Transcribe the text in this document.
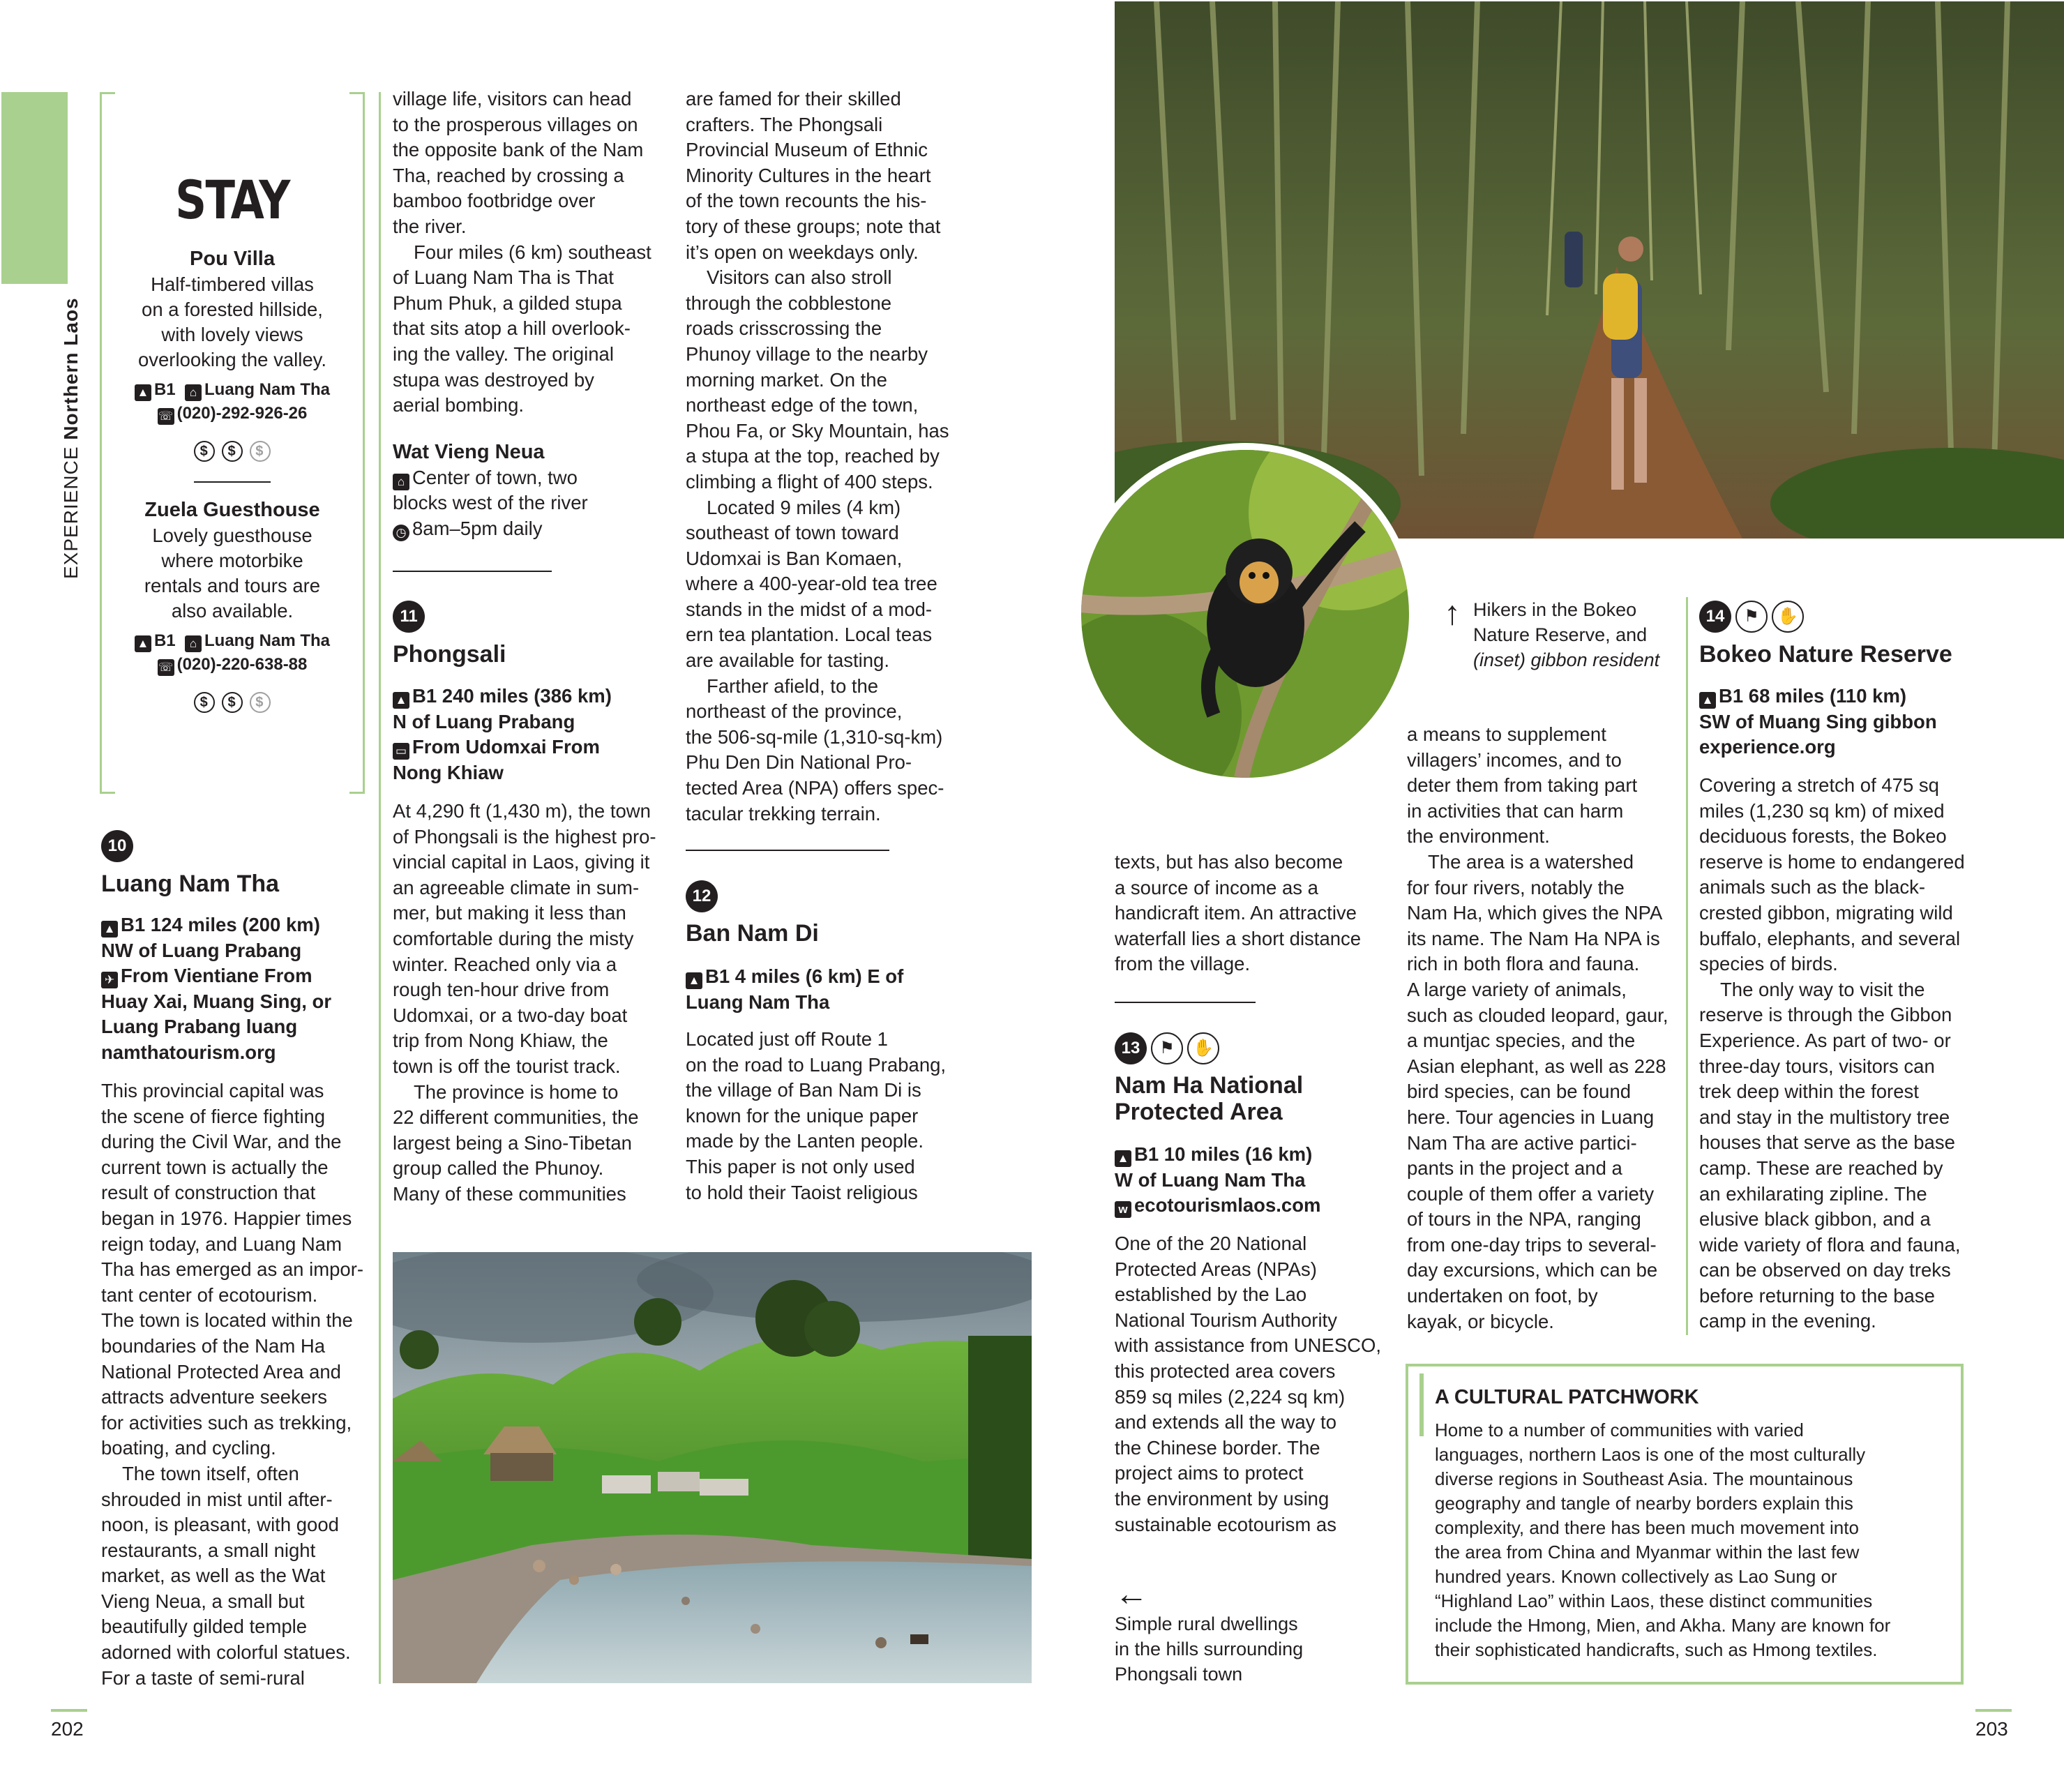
EXPERIENCE Northern Laos
STAY
Pou Villa
Half-timbered villas
on a forested hillside,
with lovely views
overlooking the valley.
▲ B1 ⌂ Luang Nam Tha
☏ (020)-292-926-26
$ $ $
Zuela Guesthouse
Lovely guesthouse
where motorbike
rentals and tours are
also available.
▲ B1 ⌂ Luang Nam Tha
☏ (020)-220-638-88
$ $ $
10
Luang Nam Tha
▲ B1 124 miles (200 km)
NW of Luang Prabang
✈ From Vientiane From
Huay Xai, Muang Sing, or
Luang Prabang luang
namthatourism.org
This provincial capital was
the scene of fierce fighting
during the Civil War, and the
current town is actually the
result of construction that
began in 1976. Happier times
reign today, and Luang Nam
Tha has emerged as an impor-
tant center of ecotourism.
The town is located within the
boundaries of the Nam Ha
National Protected Area and
attracts adventure seekers
for activities such as trekking,
boating, and cycling.
The town itself, often
shrouded in mist until after-
noon, is pleasant, with good
restaurants, a small night
market, as well as the Wat
Vieng Neua, a small but
beautifully gilded temple
adorned with colorful statues.
For a taste of semi-rural
village life, visitors can head
to the prosperous villages on
the opposite bank of the Nam
Tha, reached by crossing a
bamboo footbridge over
the river.
Four miles (6 km) southeast
of Luang Nam Tha is That
Phum Phuk, a gilded stupa
that sits atop a hill overlook-
ing the valley. The original
stupa was destroyed by
aerial bombing.
Wat Vieng Neua
⌂ Center of town, two
blocks west of the river
◷ 8am–5pm daily
11
Phongsali
▲ B1 240 miles (386 km)
N of Luang Prabang
▭ From Udomxai From
Nong Khiaw
At 4,290 ft (1,430 m), the town
of Phongsali is the highest pro-
vincial capital in Laos, giving it
an agreeable climate in sum-
mer, but making it less than
comfortable during the misty
winter. Reached only via a
rough ten-hour drive from
Udomxai, or a two-day boat
trip from Nong Khiaw, the
town is off the tourist track.
The province is home to
22 different communities, the
largest being a Sino-Tibetan
group called the Phunoy.
Many of these communities
are famed for their skilled
crafters. The Phongsali
Provincial Museum of Ethnic
Minority Cultures in the heart
of the town recounts the his-
tory of these groups; note that
it’s open on weekdays only.
Visitors can also stroll
through the cobblestone
roads crisscrossing the
Phunoy village to the nearby
morning market. On the
northeast edge of the town,
Phou Fa, or Sky Mountain, has
a stupa at the top, reached by
climbing a flight of 400 steps.
Located 9 miles (4 km)
southeast of town toward
Udomxai is Ban Komaen,
where a 400-year-old tea tree
stands in the midst of a mod-
ern tea plantation. Local teas
are available for tasting.
Farther afield, to the
northeast of the province,
the 506-sq-mile (1,310-sq-km)
Phu Den Din National Pro-
tected Area (NPA) offers spec-
tacular trekking terrain.
12
Ban Nam Di
▲ B1 4 miles (6 km) E of
Luang Nam Tha
Located just off Route 1
on the road to Luang Prabang,
the village of Ban Nam Di is
known for the unique paper
made by the Lanten people.
This paper is not only used
to hold their Taoist religious
202
↑ Hikers in the Bokeo
Nature Reserve, and
(inset) gibbon resident
texts, but has also become
a source of income as a
handicraft item. An attractive
waterfall lies a short distance
from the village.
13	⚑	✋
Nam Ha National
Protected Area
▲ B1 10 miles (16 km)
W of Luang Nam Tha
w ecotourismlaos.com
One of the 20 National
Protected Areas (NPAs)
established by the Lao
National Tourism Authority
with assistance from UNESCO,
this protected area covers
859 sq miles (2,224 sq km)
and extends all the way to
the Chinese border. The
project aims to protect
the environment by using
sustainable ecotourism as
←
Simple rural dwellings
in the hills surrounding
Phongsali town
a means to supplement
villagers’ incomes, and to
deter them from taking part
in activities that can harm
the environment.
The area is a watershed
for four rivers, notably the
Nam Ha, which gives the NPA
its name. The Nam Ha NPA is
rich in both flora and fauna.
A large variety of animals,
such as clouded leopard, gaur,
a muntjac species, and the
Asian elephant, as well as 228
bird species, can be found
here. Tour agencies in Luang
Nam Tha are active partici-
pants in the project and a
couple of them offer a variety
of tours in the NPA, ranging
from one-day trips to several-
day excursions, which can be
undertaken on foot, by
kayak, or bicycle.
14	⚑	✋
Bokeo Nature Reserve
▲ B1 68 miles (110 km)
SW of Muang Sing gibbon
experience.org
Covering a stretch of 475 sq
miles (1,230 sq km) of mixed
deciduous forests, the Bokeo
reserve is home to endangered
animals such as the black-
crested gibbon, migrating wild
buffalo, elephants, and several
species of birds.
The only way to visit the
reserve is through the Gibbon
Experience. As part of two- or
three-day tours, visitors can
trek deep within the forest
and stay in the multistory tree
houses that serve as the base
camp. These are reached by
an exhilarating zipline. The
elusive black gibbon, and a
wide variety of flora and fauna,
can be observed on day treks
before returning to the base
camp in the evening.
A CULTURAL PATCHWORK
Home to a number of communities with varied
languages, northern Laos is one of the most culturally
diverse regions in Southeast Asia. The mountainous
geography and tangle of nearby borders explain this
complexity, and there has been much movement into
the area from China and Myanmar within the last few
hundred years. Known collectively as Lao Sung or
“Highland Lao” within Laos, these distinct communities
include the Hmong, Mien, and Akha. Many are known for
their sophisticated handicrafts, such as Hmong textiles.
203
